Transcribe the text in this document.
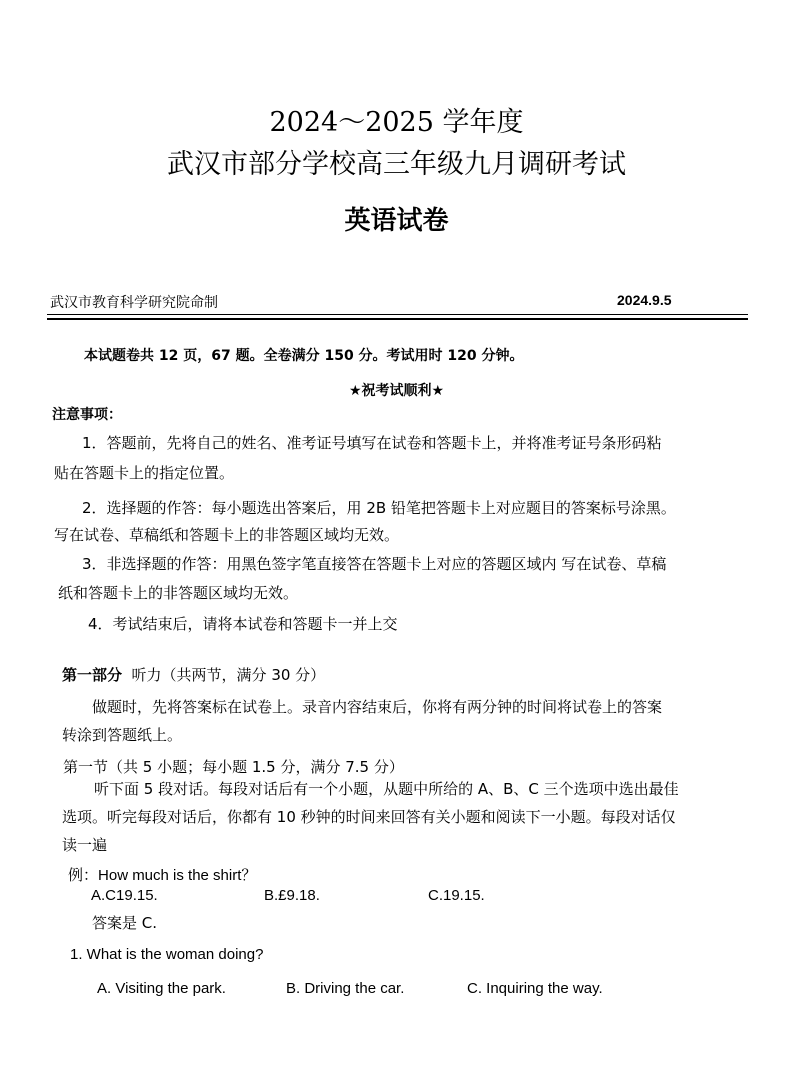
2024～2025 学年度
武汉市部分学校高三年级九月调研考试
英语试卷
武汉市教育科学研究院命制	2024.9.5
本试题卷共 12 页，67 题。全卷满分 150 分。考试用时 120 分钟。
★祝考试顺利★
注意事项：
1．答题前，先将自己的姓名、准考证号填写在试卷和答题卡上，并将准考证号条形码粘
贴在答题卡上的指定位置。
2．选择题的作答：每小题选出答案后，用 2B 铅笔把答题卡上对应题目的答案标号涂黑。
写在试卷、草稿纸和答题卡上的非答题区域均无效。
3．非选择题的作答：用黑色签字笔直接答在答题卡上对应的答题区域内 写在试卷、草稿
纸和答题卡上的非答题区域均无效。
4．考试结束后，请将本试卷和答题卡一并上交
第一部分  听力（共两节，满分 30 分）
做题时，先将答案标在试卷上。录音内容结束后，你将有两分钟的时间将试卷上的答案
转涂到答题纸上。
第一节（共 5 小题；每小题 1.5 分，满分 7.5 分）
听下面 5 段对话。每段对话后有一个小题，从题中所给的 A、B、C 三个选项中选出最佳
选项。听完每段对话后，你都有 10 秒钟的时间来回答有关小题和阅读下一小题。每段对话仅
读一遍
例：How much is the shirt？
A.C19.15.	B.£9.18.	C.19.15.
答案是 C.
1. What is the woman doing?
A. Visiting the park.	B. Driving the car.	C. Inquiring the way.
